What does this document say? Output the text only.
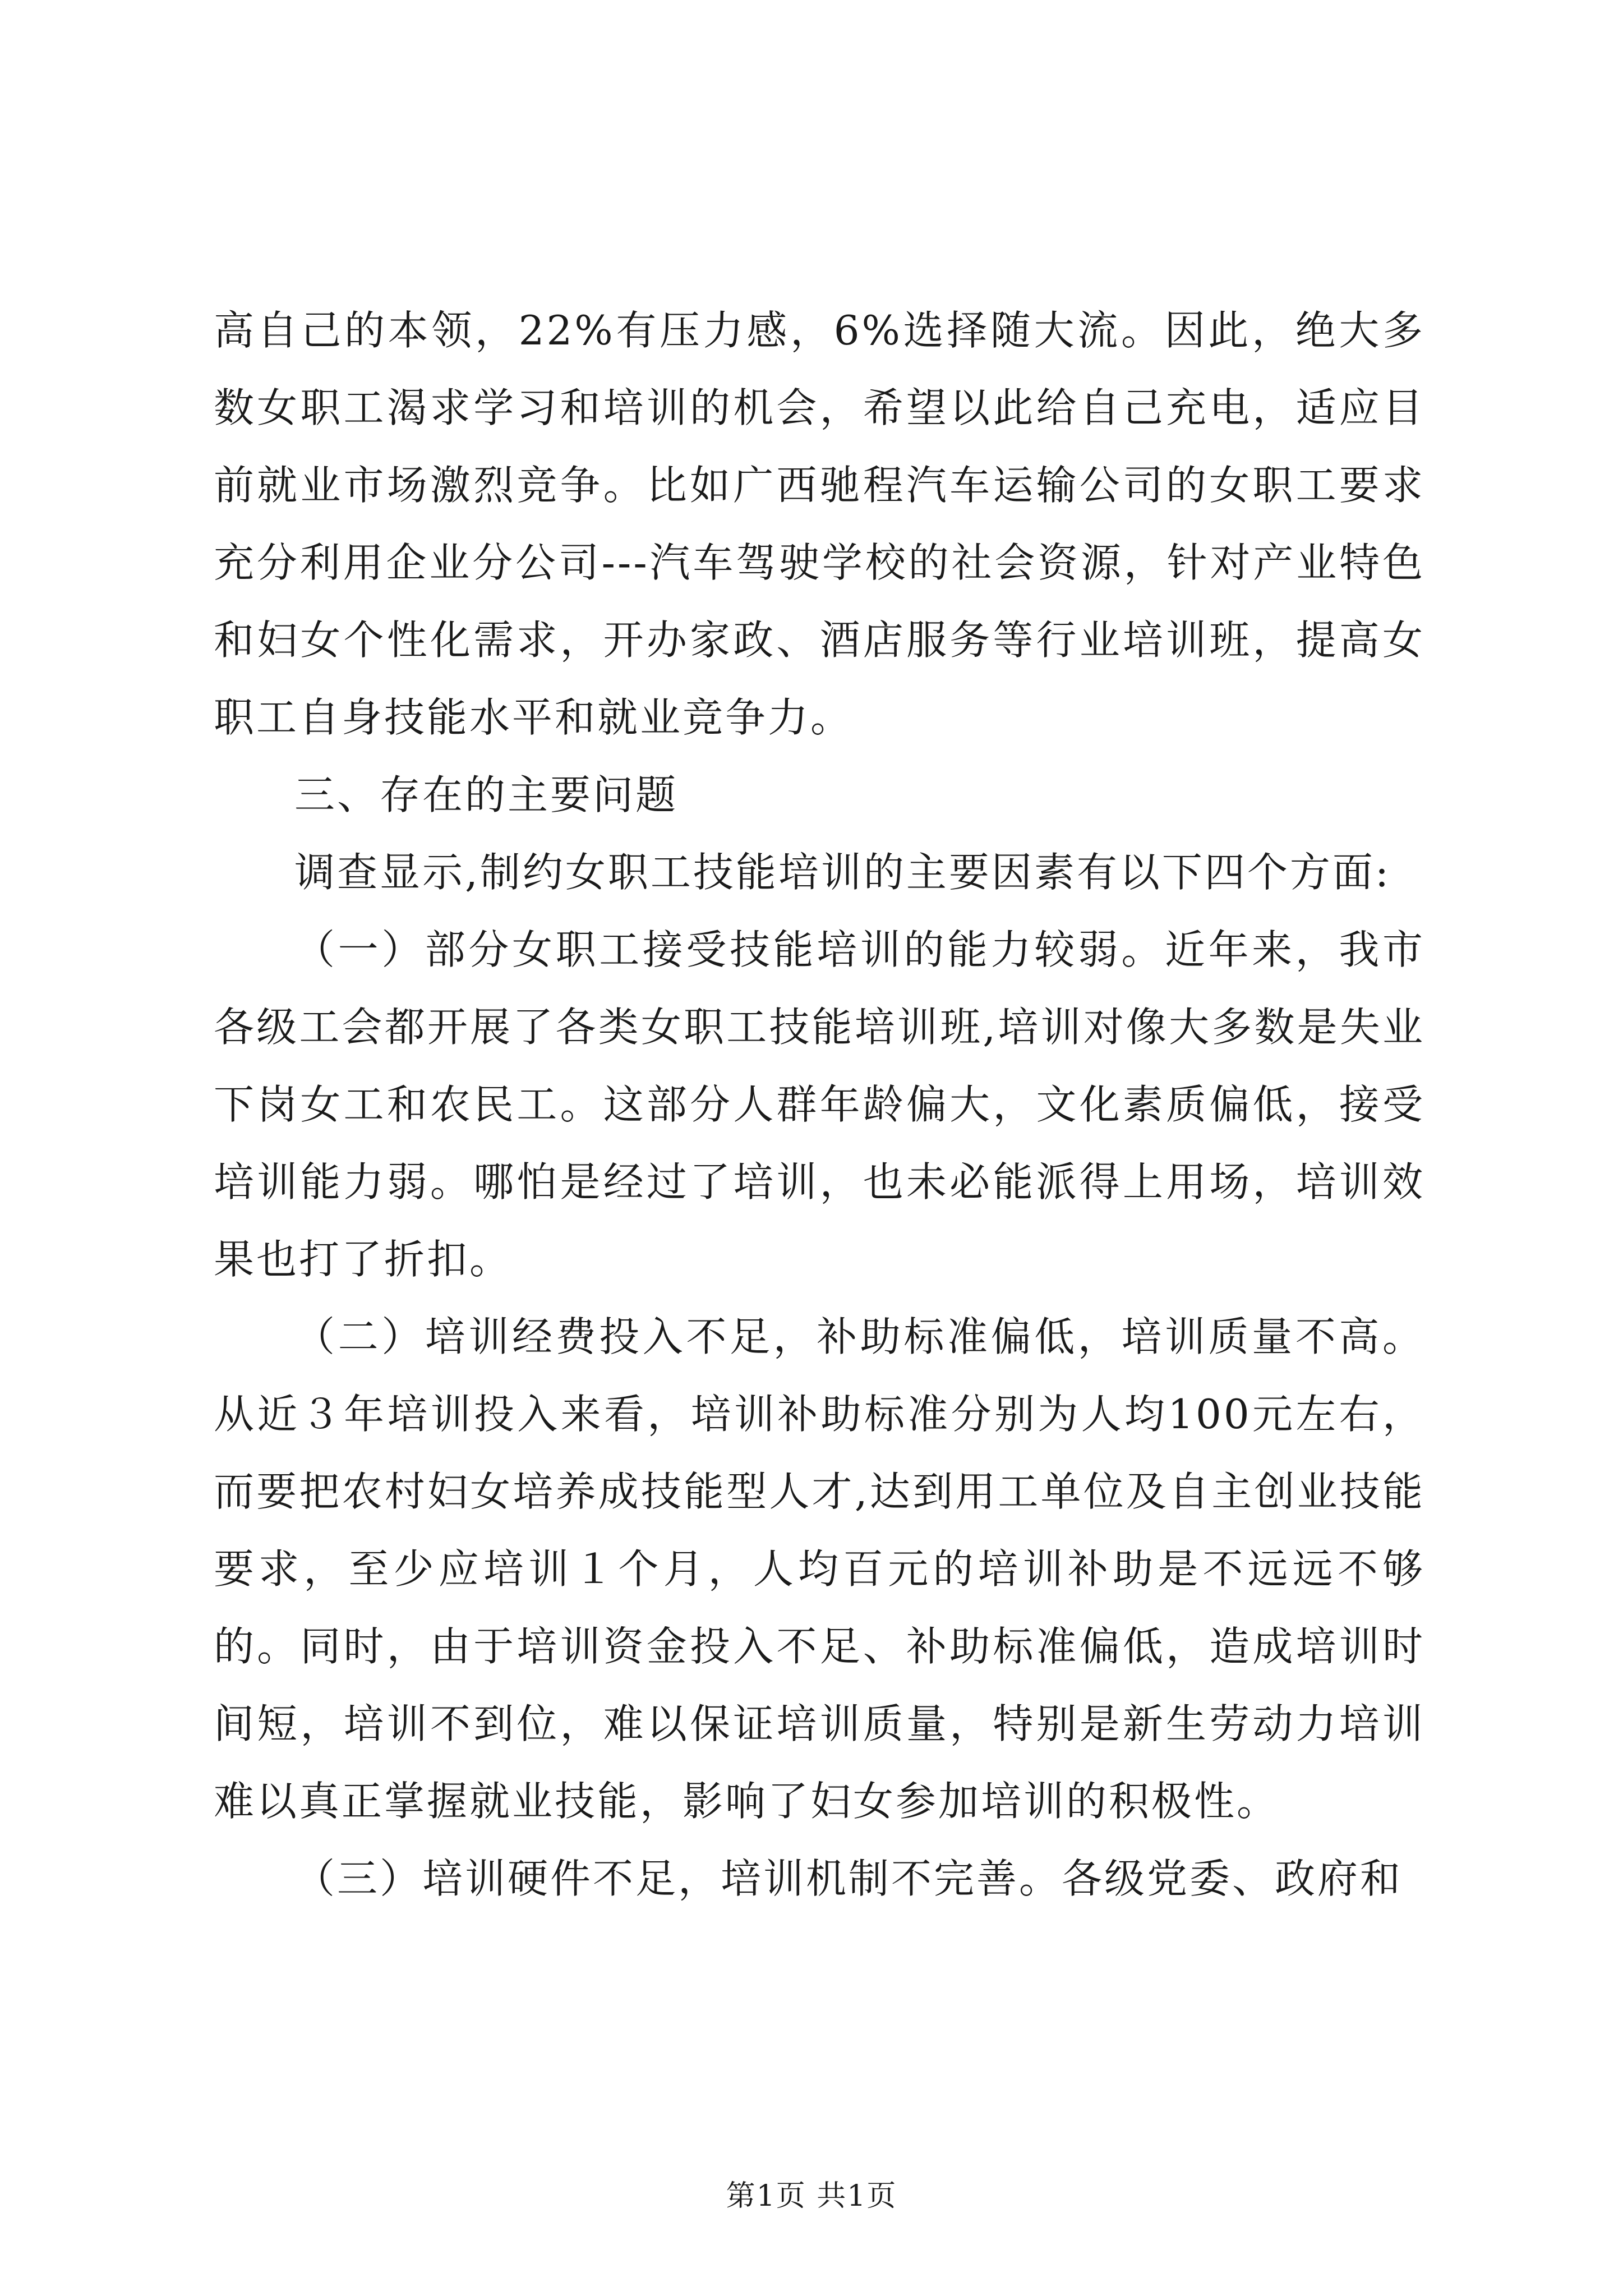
高自己的本领，22%有压力感，6%选择随大流。因此，绝大多数女职工渴求学习和培训的机会，希望以此给自己充电，适应目前就业市场激烈竞争。比如广西驰程汽车运输公司的女职工要求充分利用企业分公司---汽车驾驶学校的社会资源，针对产业特色和妇女个性化需求，开办家政、酒店服务等行业培训班，提高女职工自身技能水平和就业竞争力。

三、存在的主要问题

调查显示,制约女职工技能培训的主要因素有以下四个方面:

（一）部分女职工接受技能培训的能力较弱。近年来，我市各级工会都开展了各类女职工技能培训班,培训对像大多数是失业下岗女工和农民工。这部分人群年龄偏大，文化素质偏低，接受培训能力弱。哪怕是经过了培训，也未必能派得上用场，培训效果也打了折扣。

（二）培训经费投入不足，补助标准偏低，培训质量不高。从近３年培训投入来看，培训补助标准分别为人均100元左右，而要把农村妇女培养成技能型人才,达到用工单位及自主创业技能要求，至少应培训１个月，人均百元的培训补助是不远远不够的。同时，由于培训资金投入不足、补助标准偏低，造成培训时间短，培训不到位，难以保证培训质量，特别是新生劳动力培训难以真正掌握就业技能，影响了妇女参加培训的积极性。

（三）培训硬件不足，培训机制不完善。各级党委、政府和

第1页 共1页
